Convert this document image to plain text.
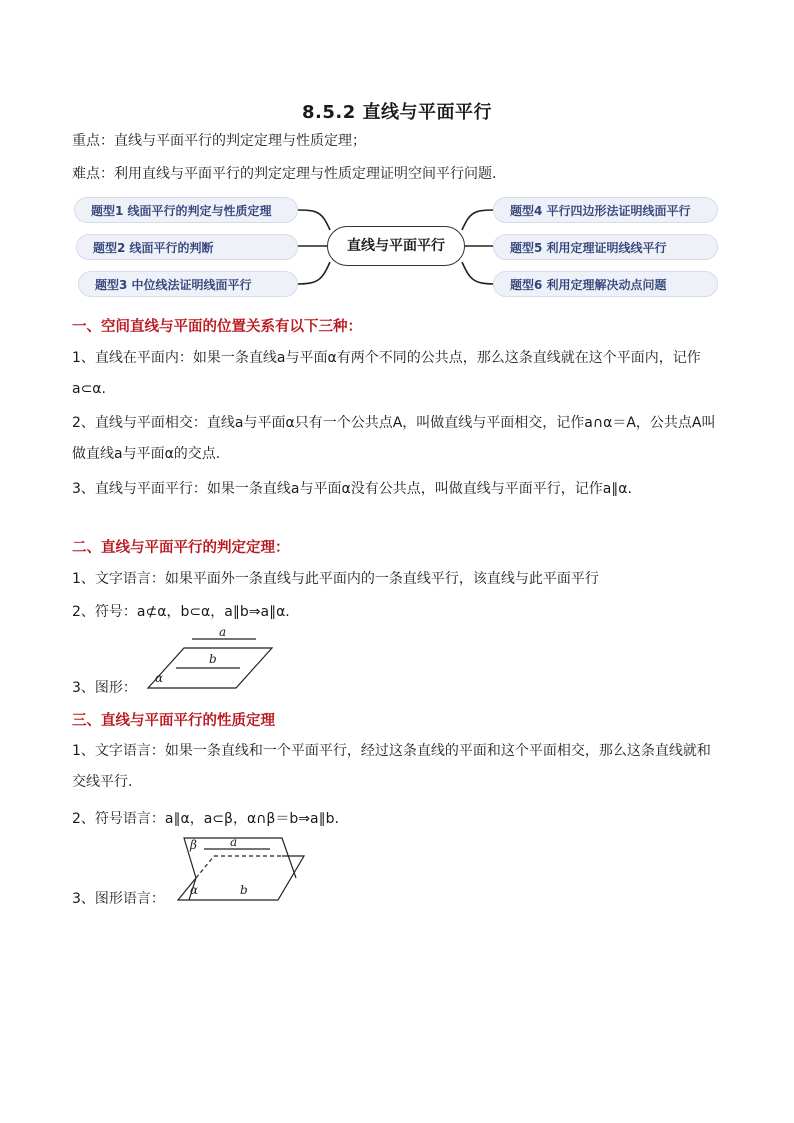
8.5.2 直线与平面平行
重点：直线与平面平行的判定定理与性质定理；
难点：利用直线与平面平行的判定定理与性质定理证明空间平行问题.
题型1 线面平行的判定与性质定理
题型2 线面平行的判断
题型3 中位线法证明线面平行
直线与平面平行
题型4 平行四边形法证明线面平行
题型5 利用定理证明线线平行
题型6 利用定理解决动点问题
一、空间直线与平面的位置关系有以下三种：
1、直线在平面内：如果一条直线a与平面α有两个不同的公共点，那么这条直线就在这个平面内，记作a⊂α.
2、直线与平面相交：直线a与平面α只有一个公共点A，叫做直线与平面相交，记作a∩α＝A，公共点A叫做直线a与平面α的交点.
3、直线与平面平行：如果一条直线a与平面α没有公共点，叫做直线与平面平行，记作a∥α.
二、直线与平面平行的判定定理：
1、文字语言：如果平面外一条直线与此平面内的一条直线平行，该直线与此平面平行
2、符号：a⊄α，b⊂α，a∥b⇒a∥α.
3、图形：
a
b
α
三、直线与平面平行的性质定理
1、文字语言：如果一条直线和一个平面平行，经过这条直线的平面和这个平面相交，那么这条直线就和交线平行.
2、符号语言：a∥α，a⊂β，α∩β＝b⇒a∥b.
3、图形语言：
β	a
α	b
